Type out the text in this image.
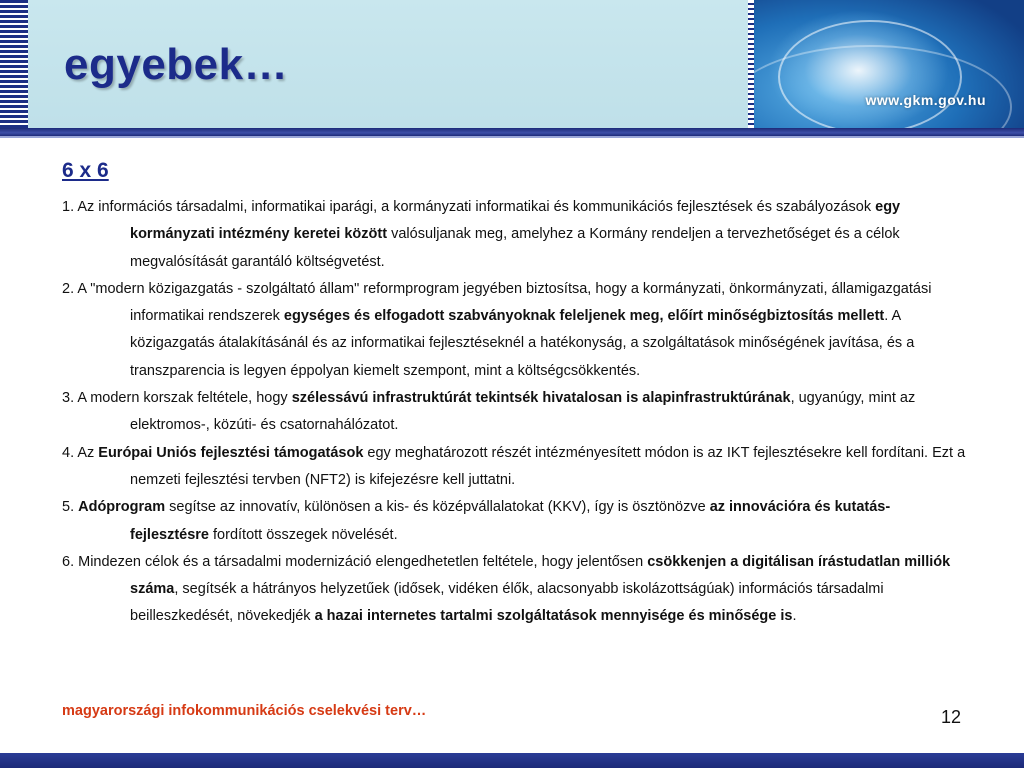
www.gkm.gov.hu
egyebek…
6 x 6

1. Az információs társadalmi, informatikai iparági, a kormányzati informatikai és kommunikációs fejlesztések és szabályozások egy kormányzati intézmény keretei között valósuljanak meg, amelyhez a Kormány rendeljen a tervezhetőséget és a célok megvalósítását garantáló költségvetést.

2. A "modern közigazgatás - szolgáltató állam" reformprogram jegyében biztosítsa, hogy a kormányzati, önkormányzati, államigazgatási informatikai rendszerek egységes és elfogadott szabványoknak feleljenek meg, előírt minőségbiztosítás mellett. A közigazgatás átalakításánál és az informatikai fejlesztéseknél a hatékonyság, a szolgáltatások minőségének javítása, és a transzparencia is legyen éppolyan kiemelt szempont, mint a költségcsökkentés.

3. A modern korszak feltétele, hogy szélessávú infrastruktúrát tekintsék hivatalosan is alapinfrastruktúrának, ugyanúgy, mint az elektromos-, közúti- és csatornahálózatot.

4. Az Európai Uniós fejlesztési támogatások egy meghatározott részét intézményesített módon is az IKT fejlesztésekre kell fordítani. Ezt a nemzeti fejlesztési tervben (NFT2) is kifejezésre kell juttatni.

5. Adóprogram segítse az innovatív, különösen a kis- és középvállalatokat (KKV), így is ösztönözve az innovációra és kutatás-fejlesztésre fordított összegek növelését.

6. Mindezen célok és a társadalmi modernizáció elengedhetetlen feltétele, hogy jelentősen csökkenjen a digitálisan írástudatlan milliók száma, segítsék a hátrányos helyzetűek (idősek, vidéken élők, alacsonyabb iskolázottságúak) információs társadalmi beilleszkedését, növekedjék a hazai internetes tartalmi szolgáltatások mennyisége és minősége is.

magyarországi infokommunikációs cselekvési terv…	12
